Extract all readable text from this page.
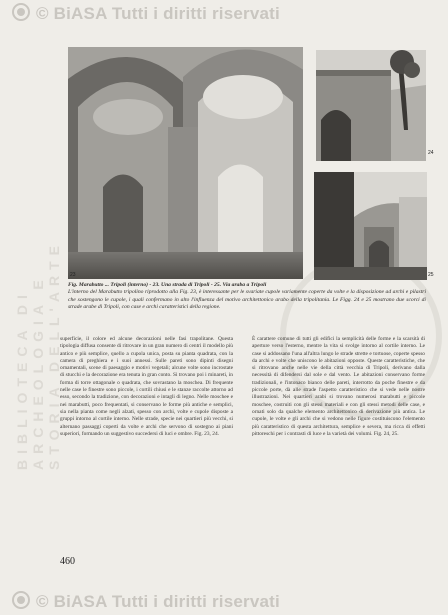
© BiASA Tutti i diritti riservati
BIBLIOTECA DI ARCHEOLOGIA E STORIA DELL'ARTE 23
24
25
Fig. Marabutto ... Tripoli (interno) - 23. Una strada di Tripoli - 25. Via araba a Tripoli
L'interno del Marabutto tripolino riprodotto alla Fig. 23, è interessante per le svariate cupole variamente coperte da volte e la disposizione ad archi e pilastri che sostengono le cupole, i quali confermano in alto l'influenza del motivo architettonico arabo della tripolitania. Le Figg. 24 e 25 mostrano due scorci di strade arabe di Tripoli, con case e archi caratteristici della regione.
superficie, il colore ed alcune decorazioni nelle fasi trapolitane. Questa tipologia diffusa consente di ritrovare in un gran numero di centri il modello più antico e più semplice, quello a cupola unica, posta su pianta quadrata, con la camera di preghiera e i suoi annessi. Sulle pareti sono dipinti disegni ornamentali, scene di paesaggio e motivi vegetali; alcune volte sono incrostate di stucchi e la decorazione era tenuta in gran conto. Si trovano poi i minareti, in forma di torre ottagonale o quadrata, che sovrastano la moschea. Di frequente nelle case le finestre sono piccole, i cortili chiusi e le stanze raccolte attorno ad esso, secondo la tradizione, con decorazioni e intagli di legno. Nelle moschee e nei marabutti, poco frequentati, si conservano le forme più antiche e semplici, sia nella pianta come negli alzati, spesso con archi, volte e cupole disposte a gruppi intorno al cortile interno. Nelle strade, specie nei quartieri più vecchi, si alternano passaggi coperti da volte e archi che servono di sostegno ai piani superiori, formando un suggestivo succedersi di luci e ombre. Fig. 23, 24.
È carattere comune di tutti gli edifici la semplicità delle forme e la scarsità di aperture verso l'esterno, mentre la vita si svolge intorno al cortile interno. Le case si addossano l'una all'altra lungo le strade strette e tortuose, coperte spesso da archi e volte che uniscono le abitazioni opposte. Queste caratteristiche, che si ritrovano anche nelle vie della città vecchia di Tripoli, derivano dalla necessità di difendersi dal sole e dal vento. Le abitazioni conservano forme tradizionali, e l'intonaco bianco delle pareti, interrotto da poche finestre e da piccole porte, dà alle strade l'aspetto caratteristico che si vede nelle nostre illustrazioni. Nei quartieri arabi si trovano numerosi marabutti e piccole moschee, costruiti con gli stessi materiali e con gli stessi metodi delle case, e ornati solo da qualche elemento architettonico di derivazione più antica. Le cupole, le volte e gli archi che si vedono nelle figure costituiscono l'elemento più caratteristico di questa architettura, semplice e severa, ma ricca di effetti pittoreschi per i contrasti di luce e la varietà dei volumi. Fig. 24, 25.
460
© BiASA Tutti i diritti riservati
